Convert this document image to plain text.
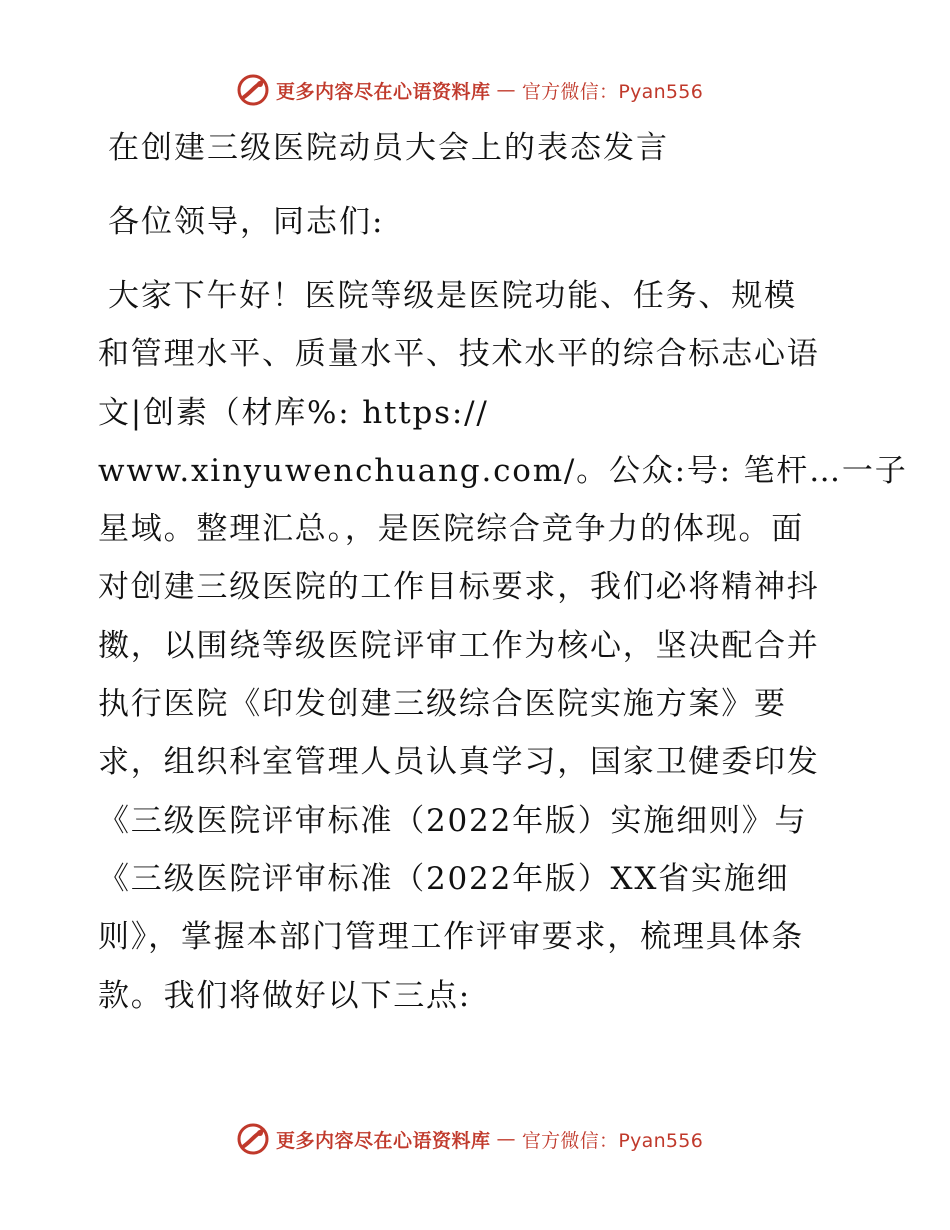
更多内容尽在心语资料库 — 官方微信：Pyan556
在创建三级医院动员大会上的表态发言
各位领导，同志们:
大家下午好！医院等级是医院功能、任务、规模
和管理水平、质量水平、技术水平的综合标志心语
文|创素（材库%: https://
www.xinyuwenchuang.com/。公众:号: 笔杆…一子
星域。整理汇总。，是医院综合竞争力的体现。面
对创建三级医院的工作目标要求，我们必将精神抖
擞，以围绕等级医院评审工作为核心，坚决配合并
执行医院《印发创建三级综合医院实施方案》要
求，组织科室管理人员认真学习，国家卫健委印发
《三级医院评审标准（2022年版）实施细则》与
《三级医院评审标准（2022年版）XX省实施细
则》，掌握本部门管理工作评审要求，梳理具体条
款。我们将做好以下三点:
更多内容尽在心语资料库 — 官方微信：Pyan556
